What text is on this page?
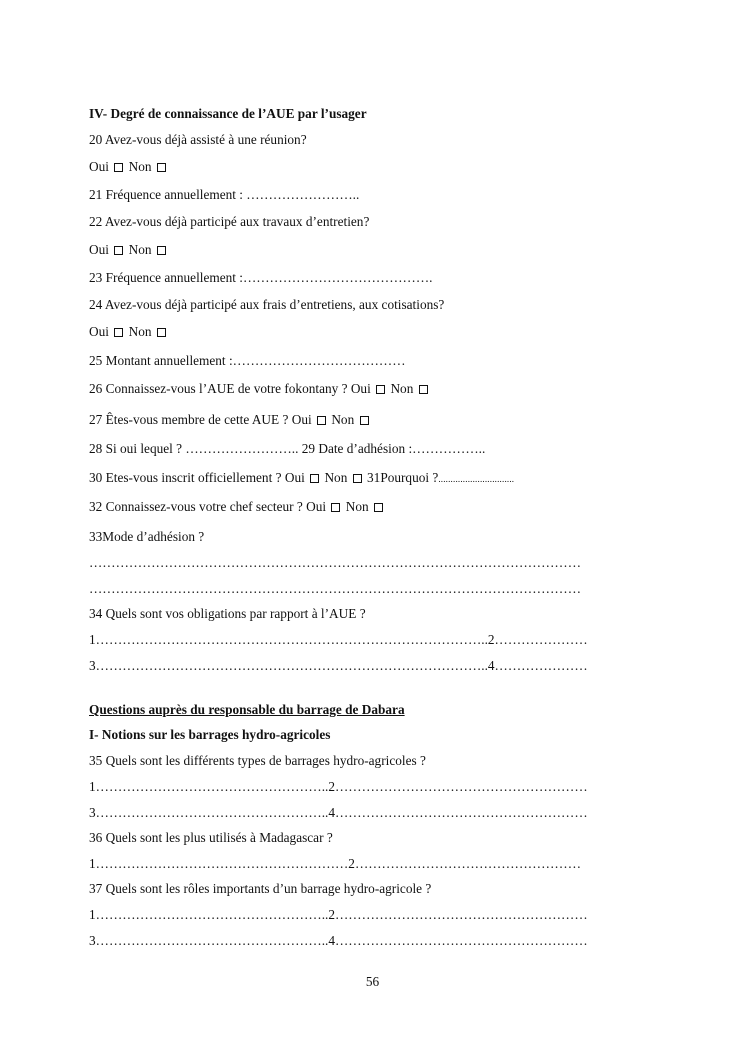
IV- Degré de connaissance de l’AUE par l’usager
20 Avez-vous déjà assisté à une réunion?
Oui Non
21 Fréquence annuellement : ……………………..
22 Avez-vous déjà participé aux travaux d’entretien?
Oui Non
23 Fréquence annuellement :…………………………………….
24 Avez-vous déjà participé aux frais d’entretiens, aux cotisations?
Oui Non
25 Montant annuellement :…………………………………
26 Connaissez-vous l’AUE de votre fokontany ? Oui Non
27 Êtes-vous membre de cette AUE ? Oui Non
28 Si oui lequel ? …………………….. 29 Date d’adhésion :……………..
30 Etes-vous inscrit officiellement ? Oui Non 31Pourquoi ?...............................
32 Connaissez-vous votre chef secteur ? Oui Non
33Mode d’adhésion ?
…………………………………………………………………………………………………
…………………………………………………………………………………………………
34 Quels sont vos obligations par rapport à l’AUE ?
1……………………………………………………………………………..2…………………
3……………………………………………………………………………..4…………………
Questions auprès du responsable du barrage de Dabara
I- Notions sur les barrages hydro-agricoles
35 Quels sont les différents types de barrages hydro-agricoles ?
1……………………………………………..2…………………………………………………
3……………………………………………..4…………………………………………………
36 Quels sont les plus utilisés à Madagascar ?
1…………………………………………………2……………………………………………
37 Quels sont les rôles importants d’un barrage hydro-agricole ?
1……………………………………………..2…………………………………………………
3……………………………………………..4…………………………………………………
56
